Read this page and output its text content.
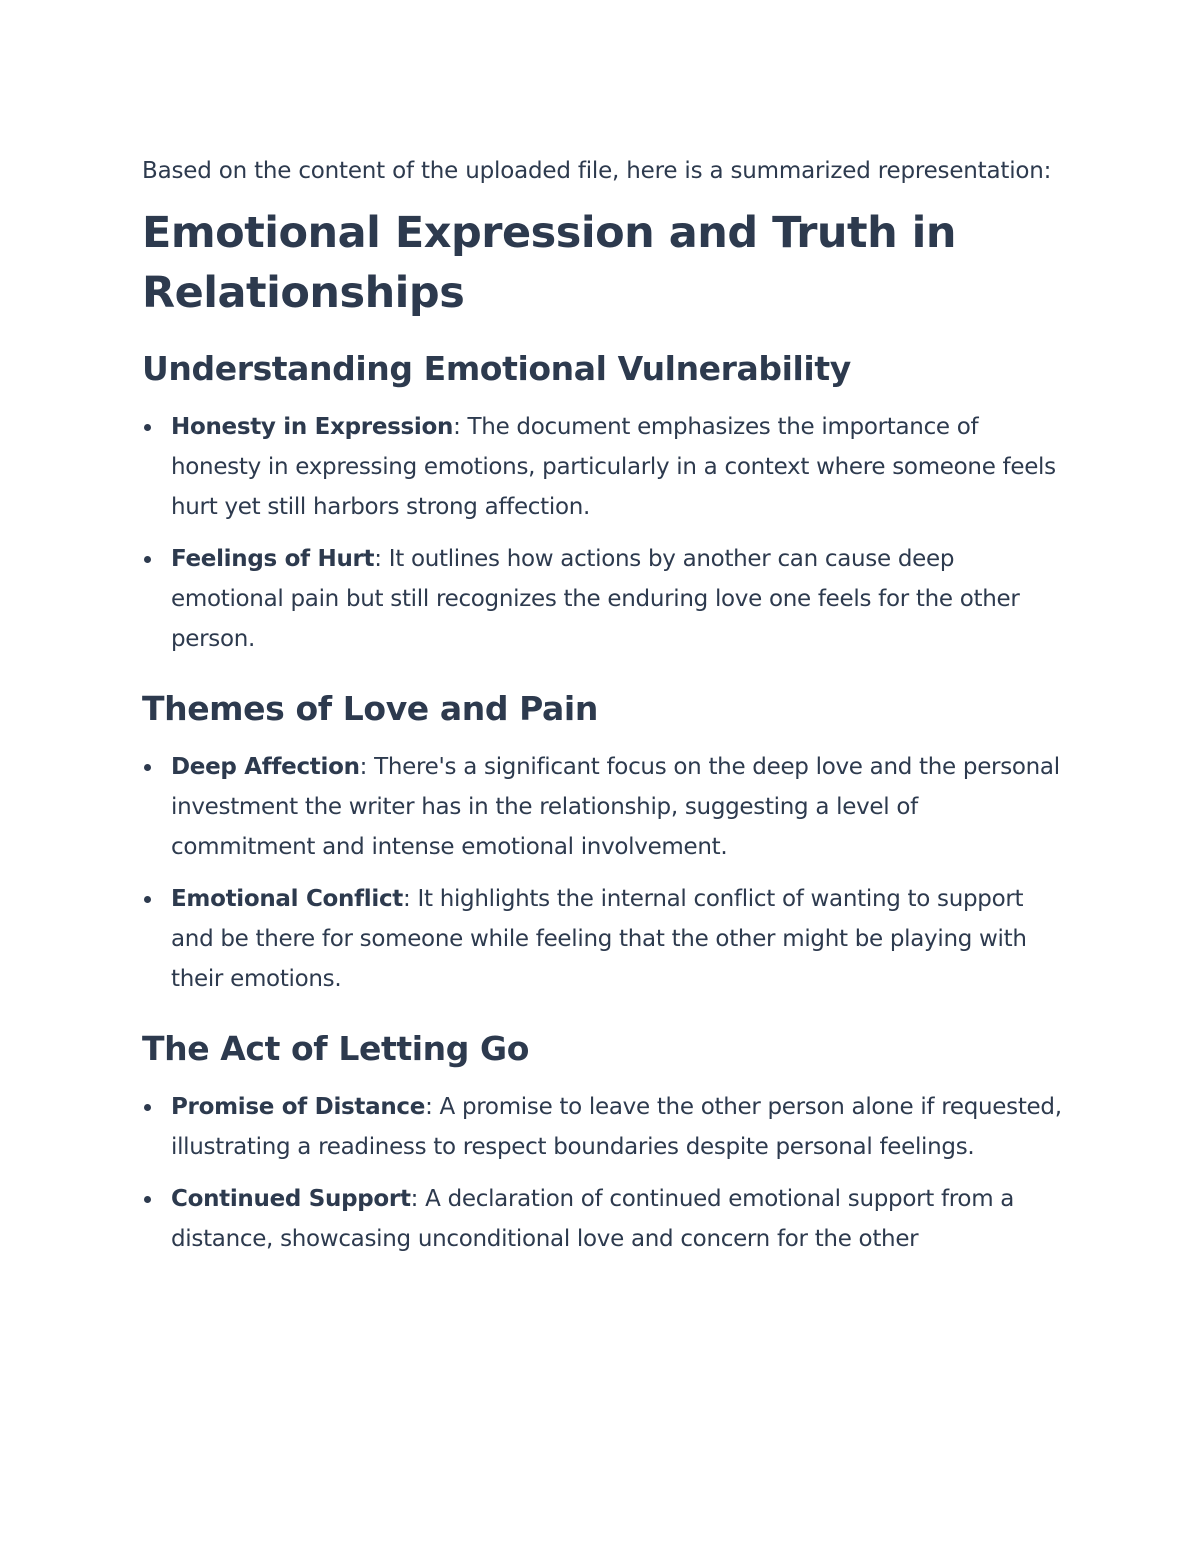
Based on the content of the uploaded file, here is a summarized representation:

Emotional Expression and Truth in Relationships
Understanding Emotional Vulnerability
Honesty in Expression: The document emphasizes the importance of honesty in expressing emotions, particularly in a context where someone feels hurt yet still harbors strong affection.
Feelings of Hurt: It outlines how actions by another can cause deep emotional pain but still recognizes the enduring love one feels for the other person.
Themes of Love and Pain
Deep Affection: There's a significant focus on the deep love and the personal investment the writer has in the relationship, suggesting a level of commitment and intense emotional involvement.
Emotional Conflict: It highlights the internal conflict of wanting to support and be there for someone while feeling that the other might be playing with their emotions.
The Act of Letting Go
Promise of Distance: A promise to leave the other person alone if requested, illustrating a readiness to respect boundaries despite personal feelings.
Continued Support: A declaration of continued emotional support from a distance, showcasing unconditional love and concern for the other
